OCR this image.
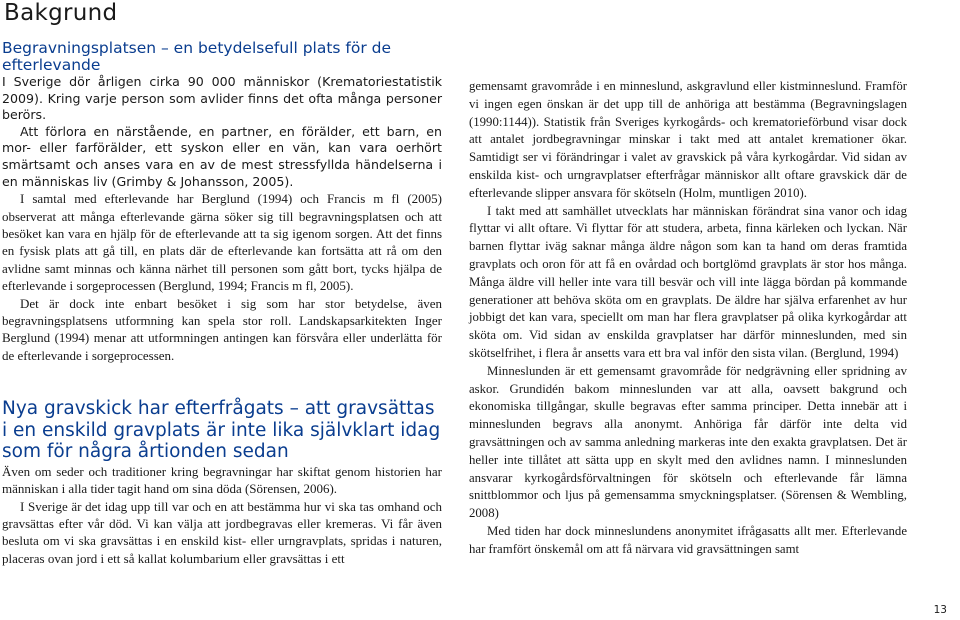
Bakgrund
Begravningsplatsen – en betydelsefull plats för de efterlevande

I Sverige dör årligen cirka 90 000 människor (Krematoriestatistik 2009). Kring varje person som avlider finns det ofta många personer berörs.

Att förlora en närstående, en partner, en förälder, ett barn, en mor- eller farförälder, ett syskon eller en vän, kan vara oerhört smärtsamt och anses vara en av de mest stressfyllda händelserna i en människas liv (Grimby & Johansson, 2005).

I samtal med efterlevande har Berglund (1994) och Francis m fl (2005) observerat att många efterlevande gärna söker sig till begravningsplatsen och att besöket kan vara en hjälp för de efterlevande att ta sig igenom sorgen. Att det finns en fysisk plats att gå till, en plats där de efterlevande kan fortsätta att rå om den avlidne samt minnas och känna närhet till personen som gått bort, tycks hjälpa de efterlevande i sorgeprocessen (Berglund, 1994; Francis m fl, 2005).

Det är dock inte enbart besöket i sig som har stor betydelse, även begravningsplatsens utformning kan spela stor roll. Landskapsarkitekten Inger Berglund (1994) menar att utformningen antingen kan försvåra eller underlätta för de efterlevande i sorgeprocessen.

Nya gravskick har efterfrågats – att gravsättas i en enskild gravplats är inte lika självklart idag som för några årtionden sedan

Även om seder och traditioner kring begravningar har skiftat genom historien har människan i alla tider tagit hand om sina döda (Sörensen, 2006).

I Sverige är det idag upp till var och en att bestämma hur vi ska tas omhand och gravsättas efter vår död. Vi kan välja att jordbegravas eller kremeras. Vi får även besluta om vi ska gravsättas i en enskild kist- eller urngravplats, spridas i naturen, placeras ovan jord i ett så kallat kolumbarium eller gravsättas i ett

gemensamt gravområde i en minneslund, askgravlund eller kistminneslund. Framför vi ingen egen önskan är det upp till de anhöriga att bestämma (Begravningslagen (1990:1144)). Statistik från Sveriges kyrkogårds- och krematorieförbund visar dock att antalet jordbegravningar minskar i takt med att antalet kremationer ökar. Samtidigt ser vi förändringar i valet av gravskick på våra kyrkogårdar. Vid sidan av enskilda kist- och urngravplatser efterfrågar människor allt oftare gravskick där de efterlevande slipper ansvara för skötseln (Holm, muntligen 2010).

I takt med att samhället utvecklats har människan förändrat sina vanor och idag flyttar vi allt oftare. Vi flyttar för att studera, arbeta, finna kärleken och lyckan. När barnen flyttar iväg saknar många äldre någon som kan ta hand om deras framtida gravplats och oron för att få en ovårdad och bortglömd gravplats är stor hos många. Många äldre vill heller inte vara till besvär och vill inte lägga bördan på kommande generationer att behöva sköta om en gravplats. De äldre har själva erfarenhet av hur jobbigt det kan vara, speciellt om man har flera gravplatser på olika kyrkogårdar att sköta om. Vid sidan av enskilda gravplatser har därför minneslunden, med sin skötselfrihet, i flera år ansetts vara ett bra val inför den sista vilan. (Berglund, 1994)

Minneslunden är ett gemensamt gravområde för nedgrävning eller spridning av askor. Grundidén bakom minneslunden var att alla, oavsett bakgrund och ekonomiska tillgångar, skulle begravas efter samma principer. Detta innebär att i minneslunden begravs alla anonymt. Anhöriga får därför inte delta vid gravsättningen och av samma anledning markeras inte den exakta gravplatsen. Det är heller inte tillåtet att sätta upp en skylt med den avlidnes namn. I minneslunden ansvarar kyrkogårdsförvaltningen för skötseln och efterlevande får lämna snittblommor och ljus på gemensamma smyckningsplatser. (Sörensen & Wembling, 2008)

Med tiden har dock minneslundens anonymitet ifrågasatts allt mer. Efterlevande har framfört önskemål om att få närvara vid gravsättningen samt

13
